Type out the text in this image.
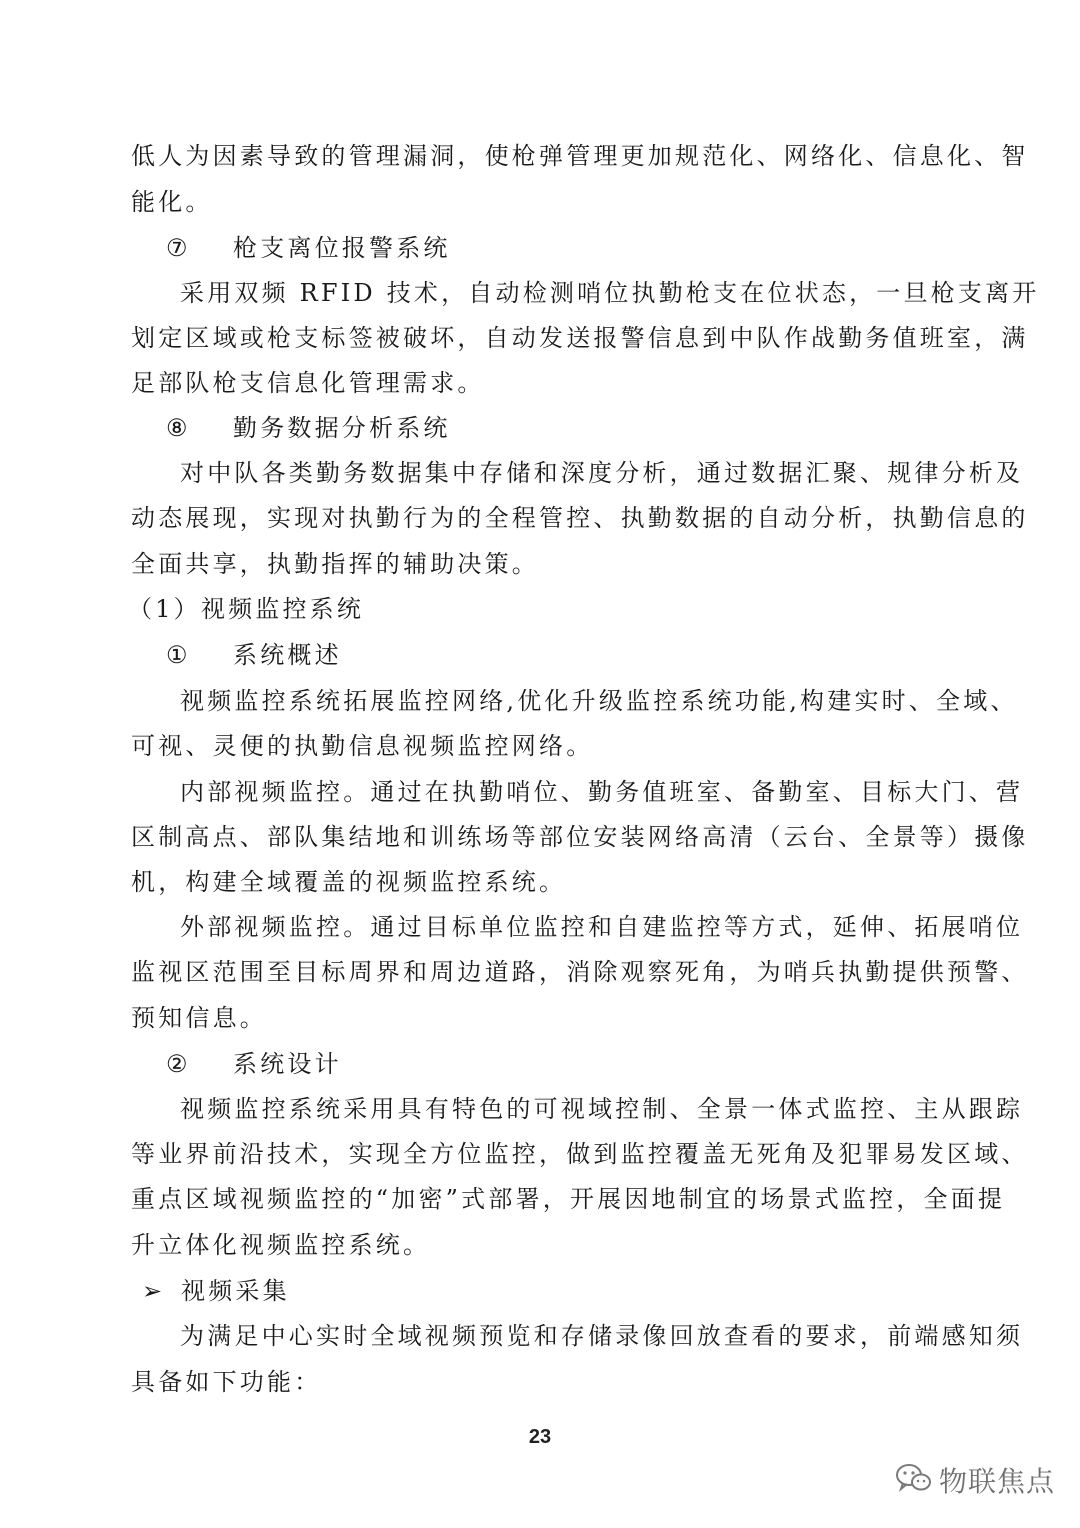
低人为因素导致的管理漏洞，使枪弹管理更加规范化、网络化、信息化、智
能化。
⑦	枪支离位报警系统
采用双频 RFID 技术，自动检测哨位执勤枪支在位状态，一旦枪支离开
划定区域或枪支标签被破坏，自动发送报警信息到中队作战勤务值班室，满
足部队枪支信息化管理需求。
⑧	勤务数据分析系统
对中队各类勤务数据集中存储和深度分析，通过数据汇聚、规律分析及
动态展现，实现对执勤行为的全程管控、执勤数据的自动分析，执勤信息的
全面共享，执勤指挥的辅助决策。
（1）视频监控系统
①	系统概述
视频监控系统拓展监控网络,优化升级监控系统功能,构建实时、全域、
可视、灵便的执勤信息视频监控网络。
内部视频监控。通过在执勤哨位、勤务值班室、备勤室、目标大门、营
区制高点、部队集结地和训练场等部位安装网络高清（云台、全景等）摄像
机，构建全域覆盖的视频监控系统。
外部视频监控。通过目标单位监控和自建监控等方式，延伸、拓展哨位
监视区范围至目标周界和周边道路，消除观察死角，为哨兵执勤提供预警、
预知信息。
②	系统设计
视频监控系统采用具有特色的可视域控制、全景一体式监控、主从跟踪
等业界前沿技术，实现全方位监控，做到监控覆盖无死角及犯罪易发区域、
重点区域视频监控的“加密”式部署，开展因地制宜的场景式监控，全面提
升立体化视频监控系统。
➢ 视频采集
为满足中心实时全域视频预览和存储录像回放查看的要求，前端感知须
具备如下功能：
23
物联焦点
